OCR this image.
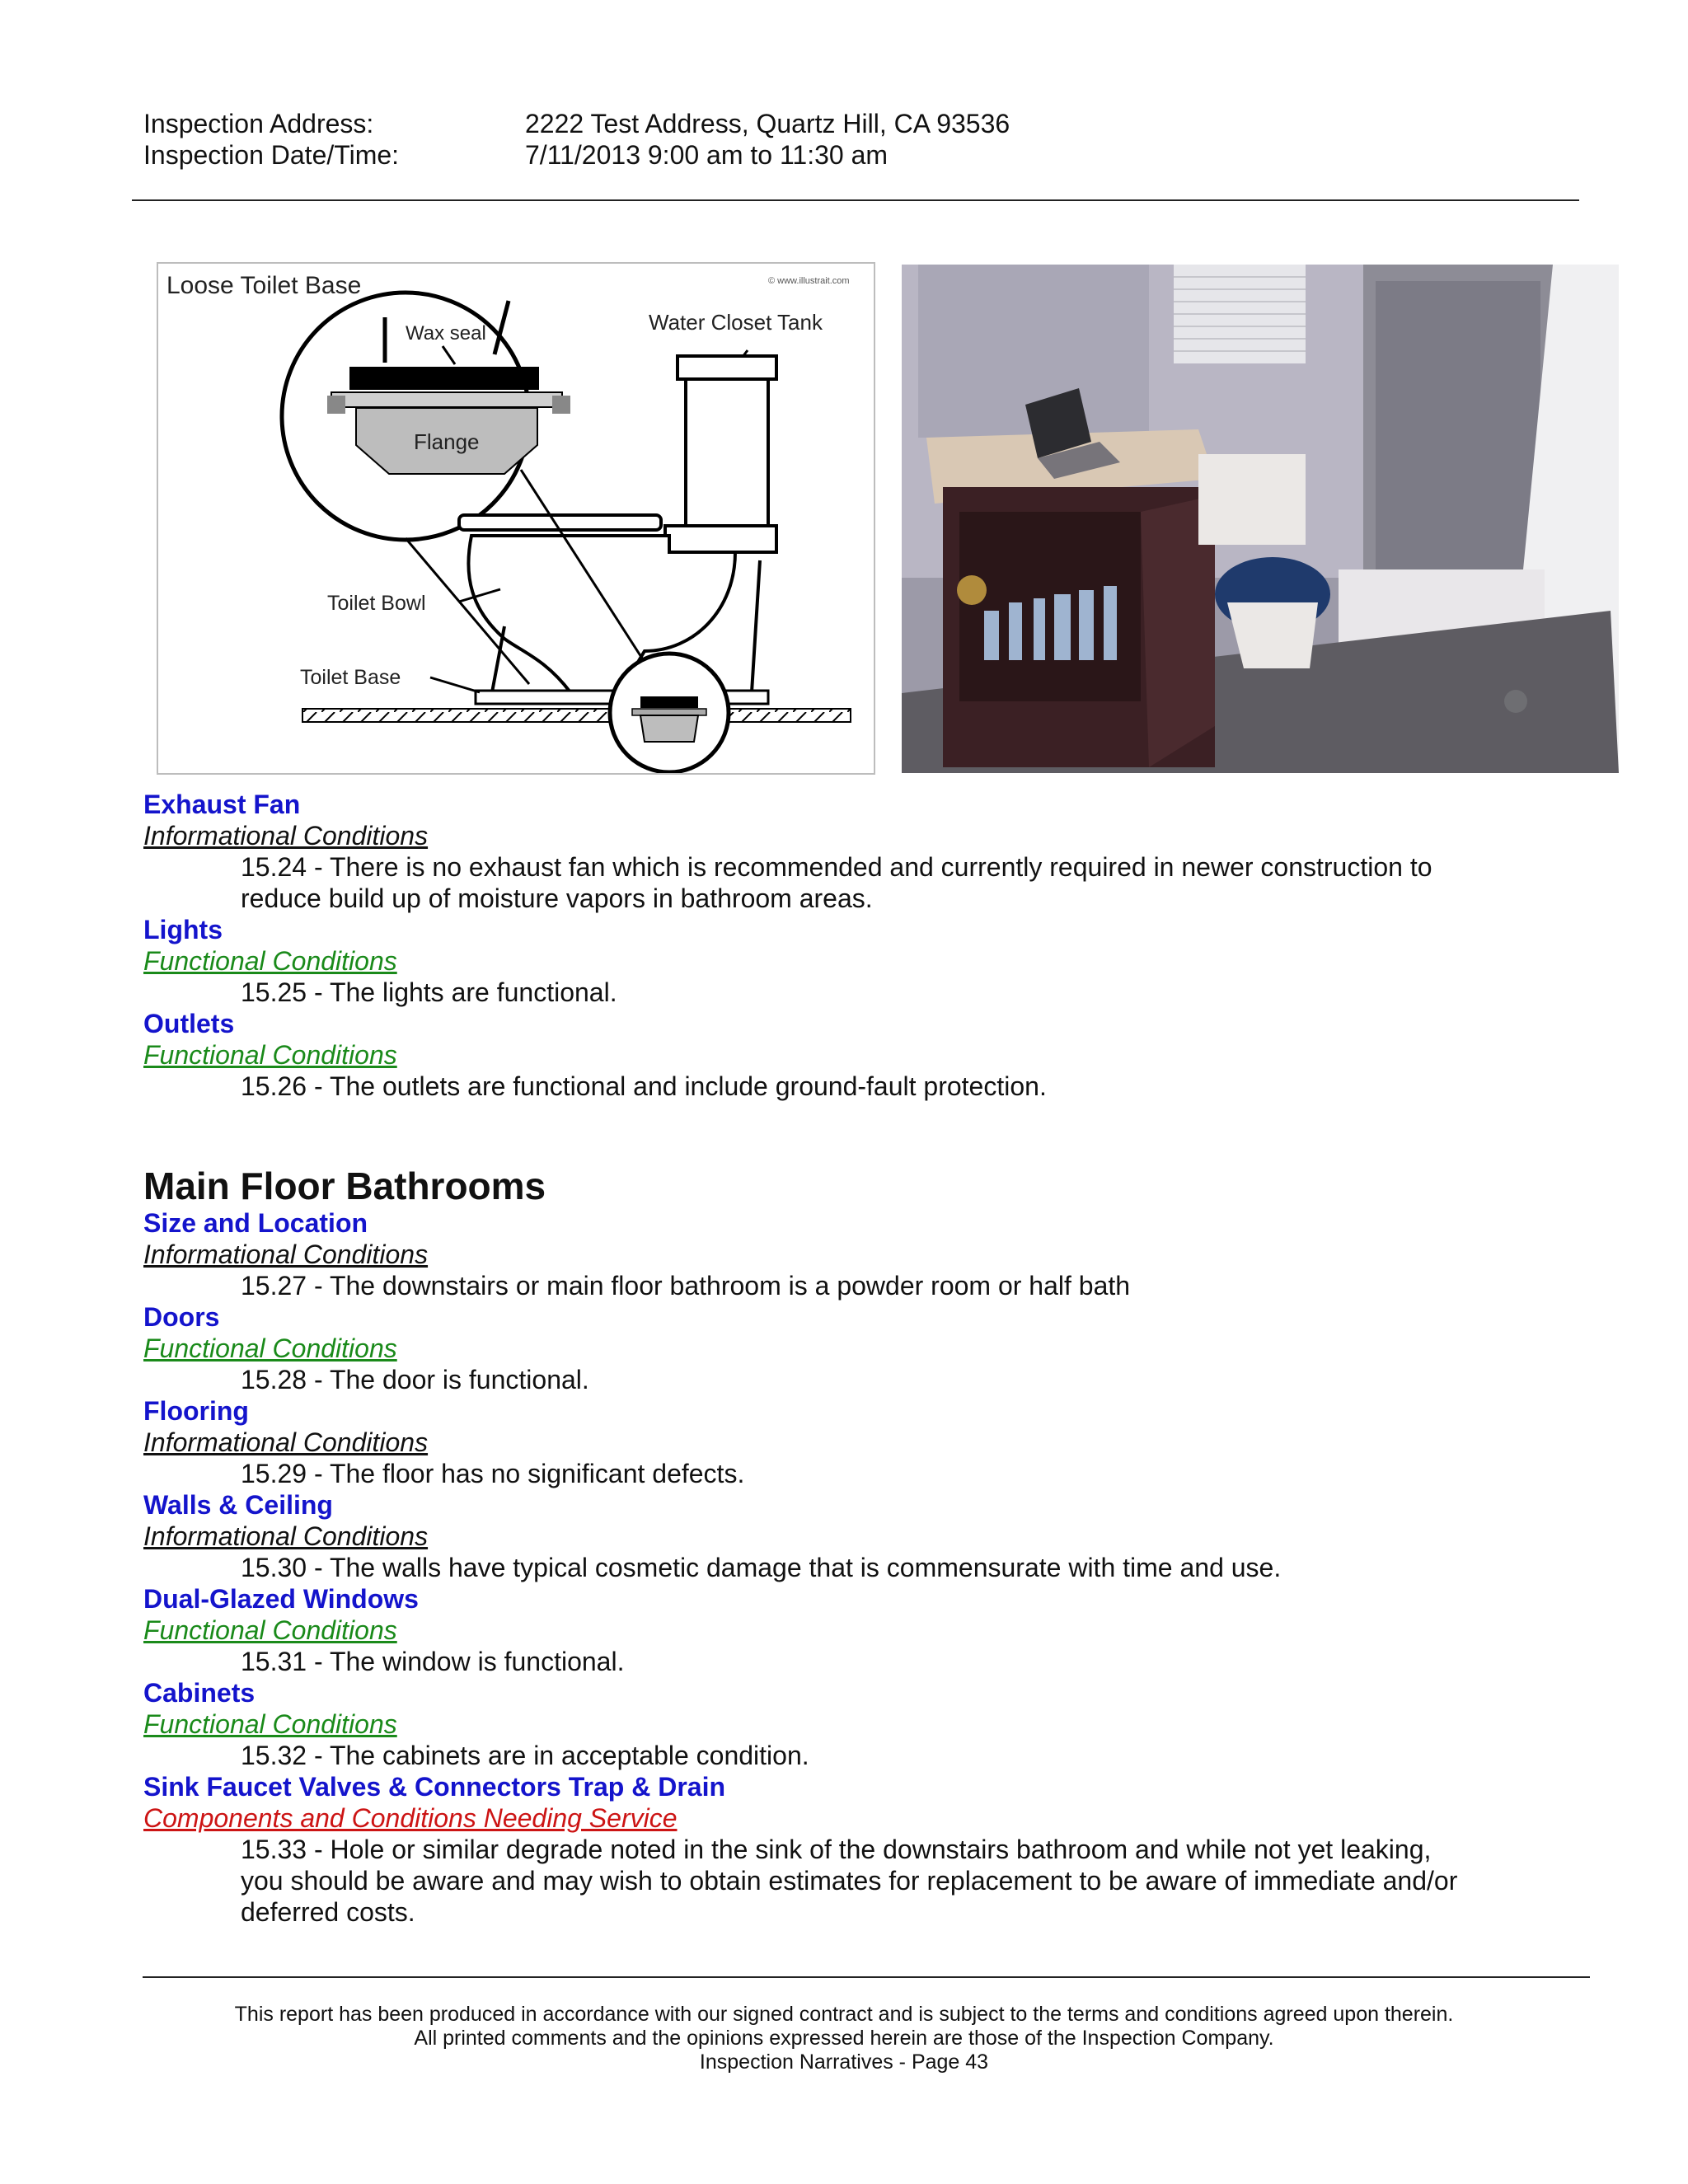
Inspection Address:	2222 Test Address, Quartz Hill, CA 93536
Inspection Date/Time:	7/11/2013 9:00 am to 11:30 am
Loose Toilet Base	© www.illustrait.com
Wax seal
Flange
Water Closet Tank
Toilet Bowl
Toilet Base
Exhaust Fan
Informational Conditions
15.24 - There is no exhaust fan which is recommended and currently required in newer construction to
reduce build up of moisture vapors in bathroom areas.
Lights
Functional Conditions
15.25 - The lights are functional.
Outlets
Functional Conditions
15.26 - The outlets are functional and include ground-fault protection.
Main Floor Bathrooms
Size and Location
Informational Conditions
15.27 - The downstairs or main floor bathroom is a powder room or half bath
Doors
Functional Conditions
15.28 - The door is functional.
Flooring
Informational Conditions
15.29 - The floor has no significant defects.
Walls & Ceiling
Informational Conditions
15.30 - The walls have typical cosmetic damage that is commensurate with time and use.
Dual-Glazed Windows
Functional Conditions
15.31 - The window is functional.
Cabinets
Functional Conditions
15.32 - The cabinets are in acceptable condition.
Sink Faucet Valves & Connectors Trap & Drain
Components and Conditions Needing Service
15.33 - Hole or similar degrade noted in the sink of the downstairs bathroom and while not yet leaking,
you should be aware and may wish to obtain estimates for replacement to be aware of immediate and/or
deferred costs.
This report has been produced in accordance with our signed contract and is subject to the terms and conditions agreed upon therein.
All printed comments and the opinions expressed herein are those of the Inspection Company.
Inspection Narratives - Page 43
